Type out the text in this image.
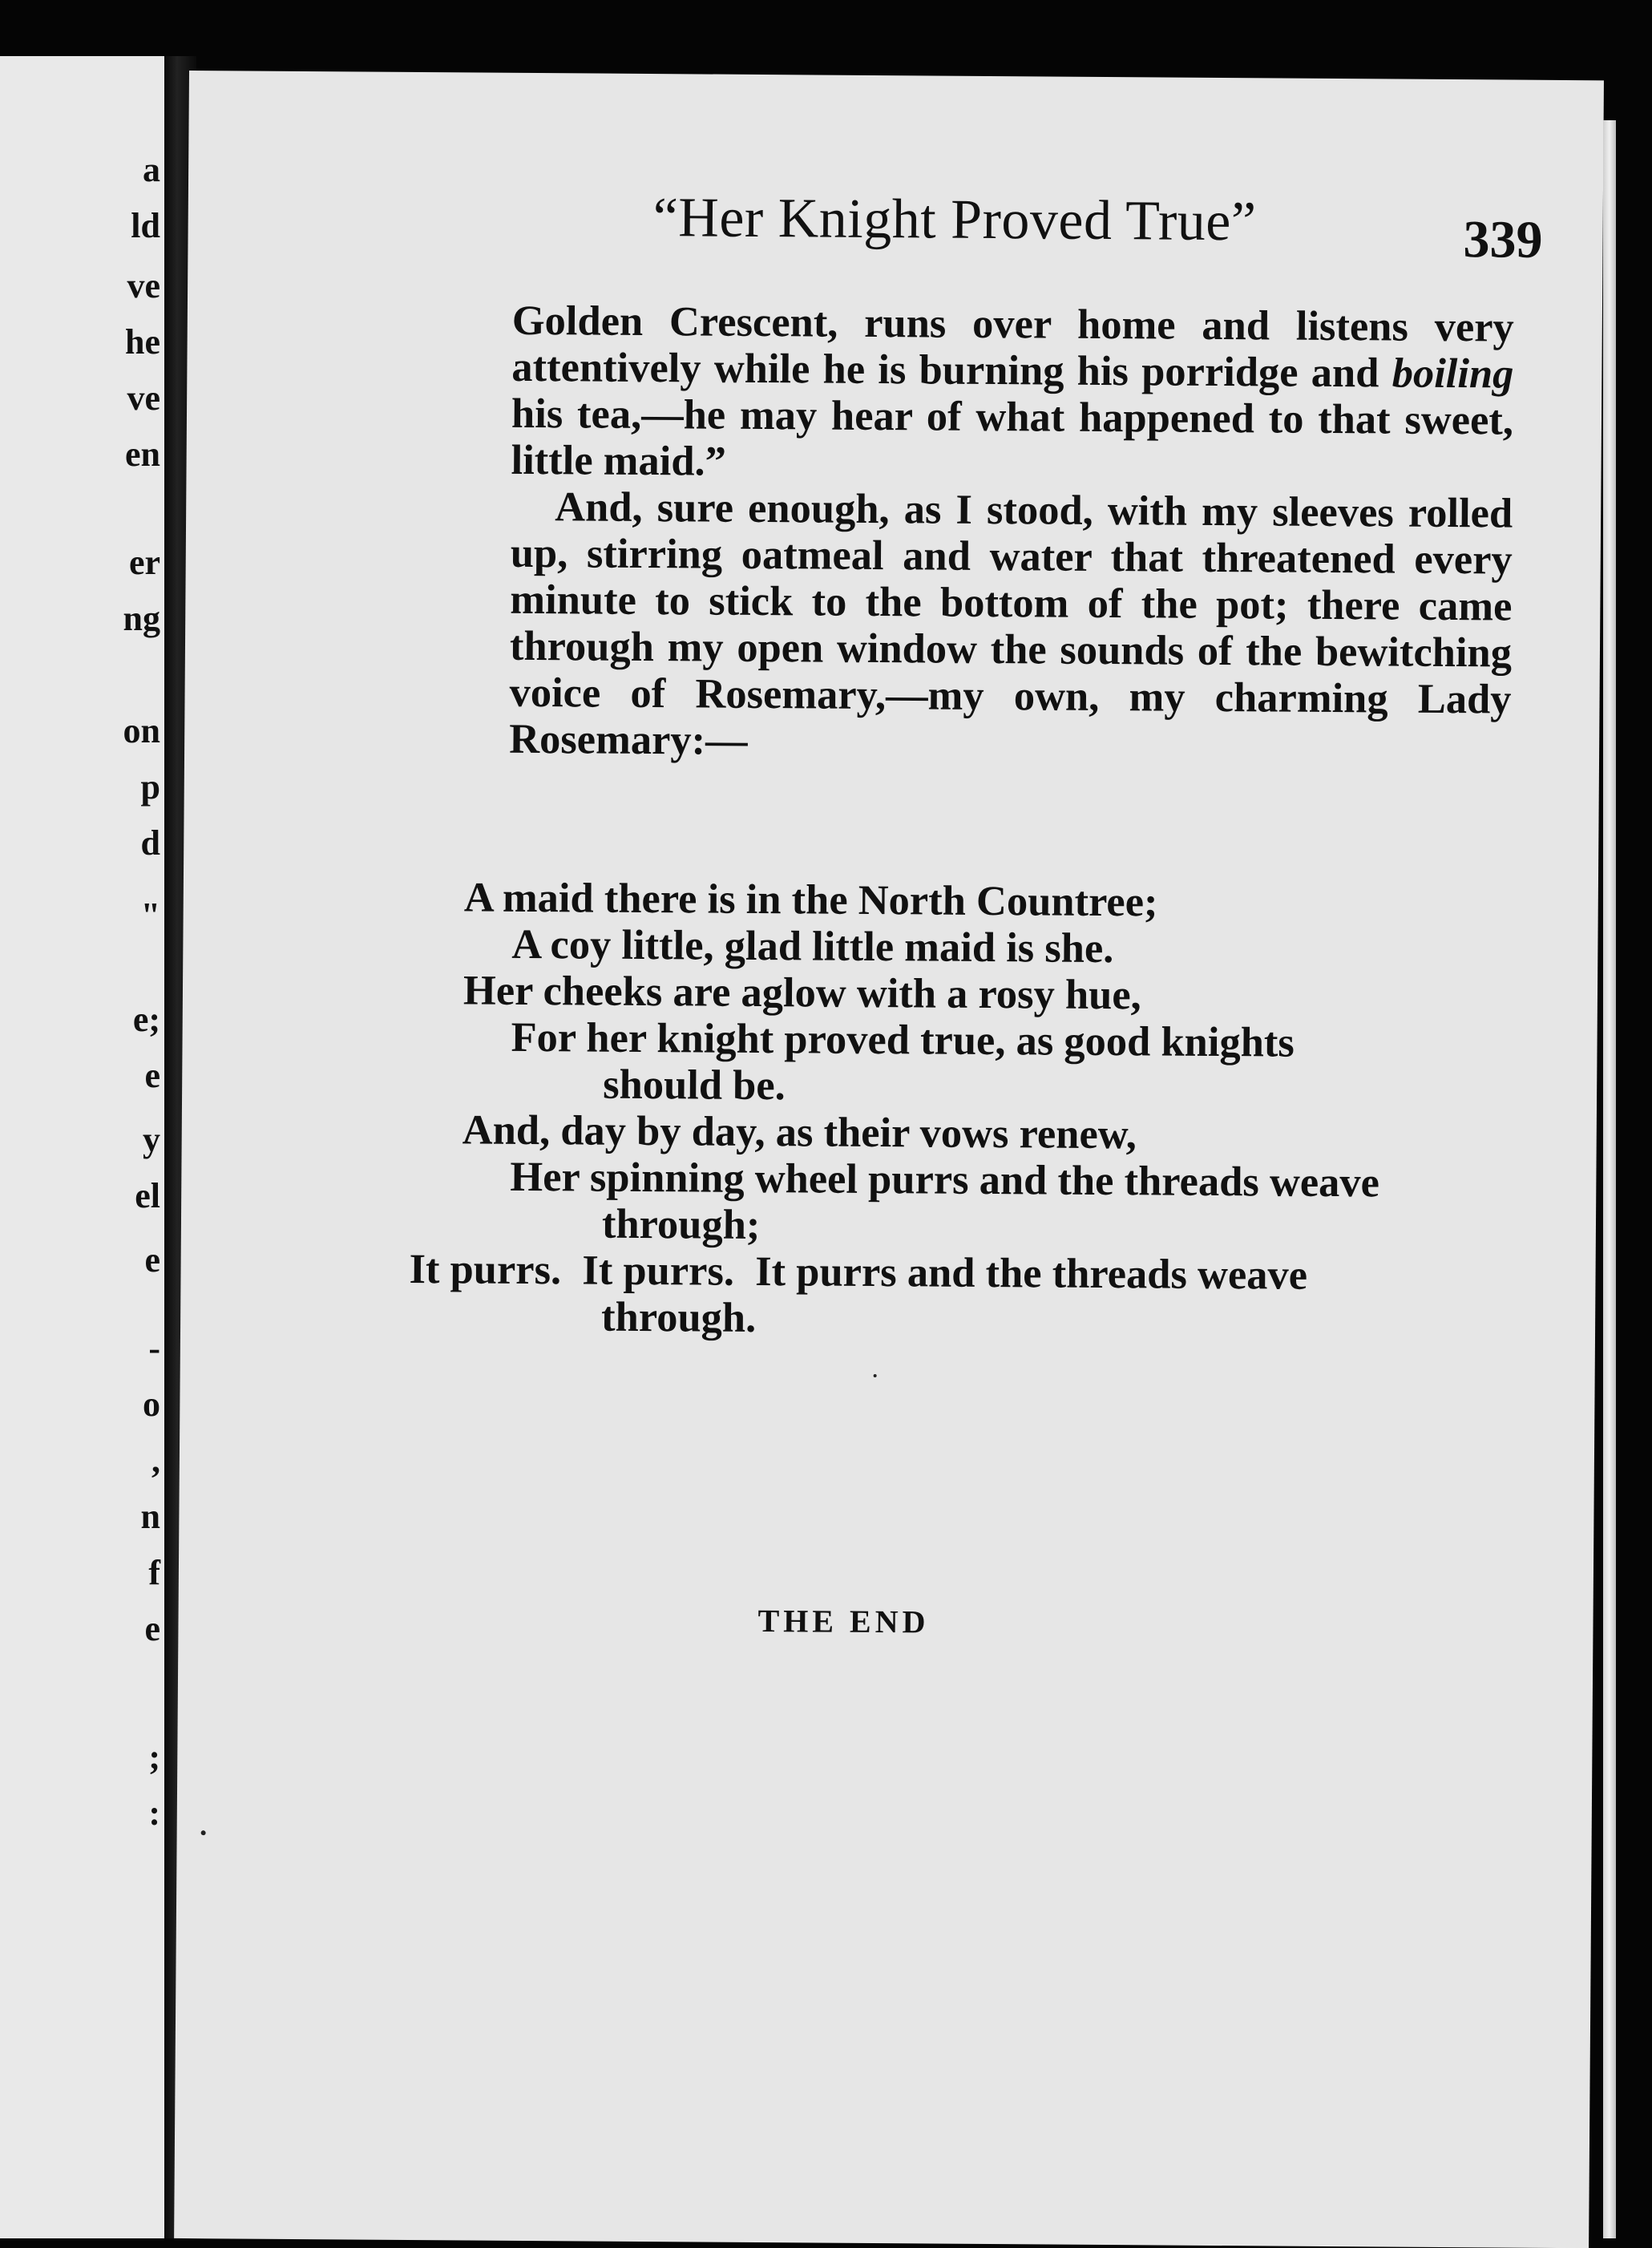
a
ld
ve
he
ve
en
er
ng
on
p
d
"
e;
e
y
el
e
-
o
,
n
f
e
;
:
“Her Knight Proved True”	339

Golden Crescent, runs over home and listens very attentively while he is burning his porridge and boiling his tea,—he may hear of what happened to that sweet, little maid.”

And, sure enough, as I stood, with my sleeves rolled up, stirring oatmeal and water that threatened every minute to stick to the bottom of the pot; there came through my open window the sounds of the bewitching voice of Rosemary,—my own, my charming Lady Rosemary:—

A maid there is in the North Countree;
A coy little, glad little maid is she.
Her cheeks are aglow with a rosy hue,
For her knight proved true, as good knights
should be.
And, day by day, as their vows renew,
Her spinning wheel purrs and the threads weave
through;
It purrs.  It purrs.  It purrs and the threads weave
through.
THE END
